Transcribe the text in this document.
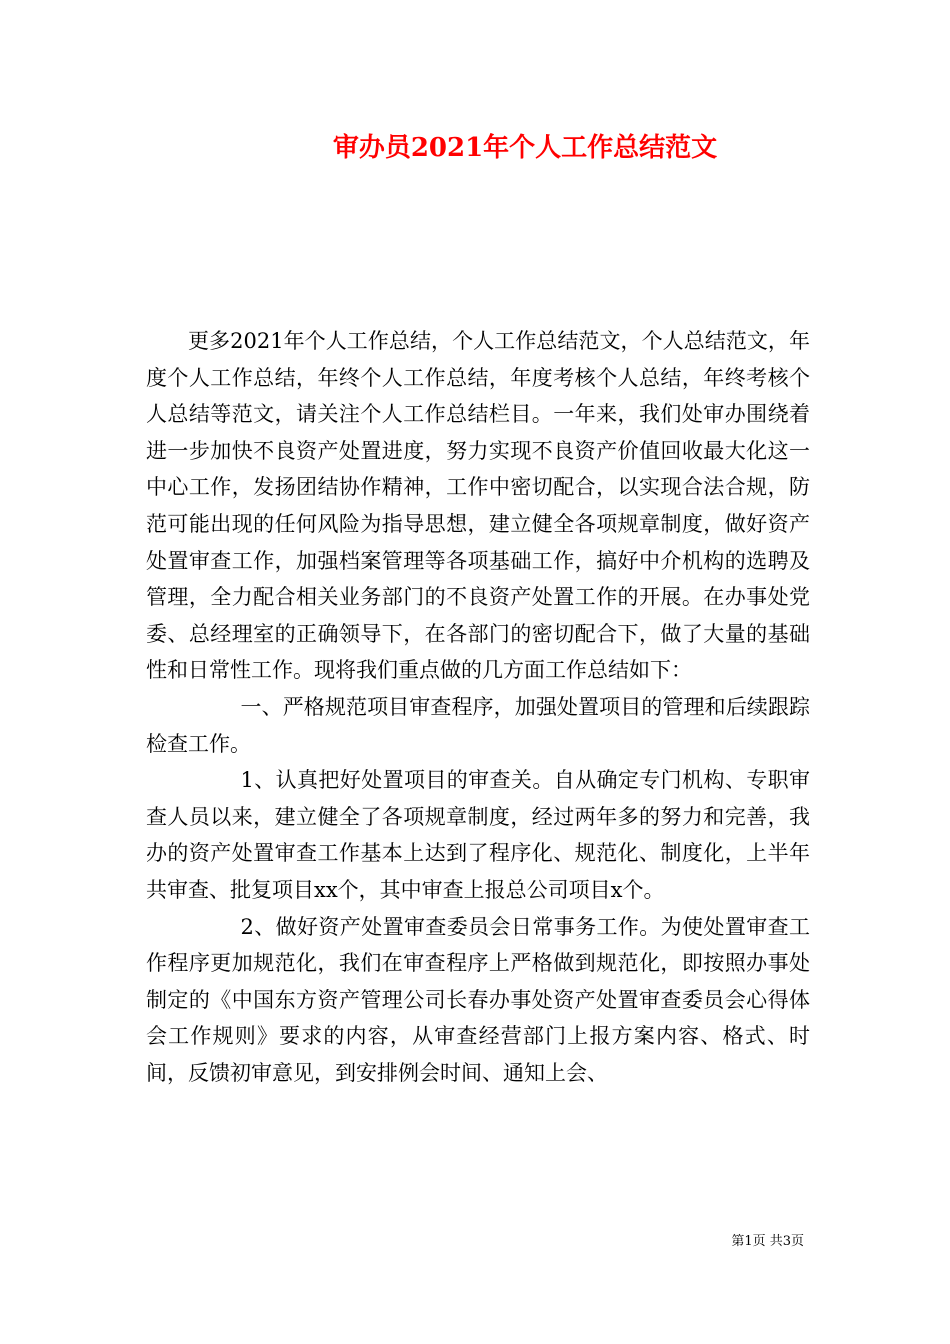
审办员2021年个人工作总结范文

更多2021年个人工作总结，个人工作总结范文，个人总结范文，年度个人工作总结，年终个人工作总结，年度考核个人总结，年终考核个人总结等范文，请关注个人工作总结栏目。一年来，我们处审办围绕着进一步加快不良资产处置进度，努力实现不良资产价值回收最大化这一中心工作，发扬团结协作精神，工作中密切配合，以实现合法合规，防范可能出现的任何风险为指导思想，建立健全各项规章制度，做好资产处置审查工作，加强档案管理等各项基础工作，搞好中介机构的选聘及管理，全力配合相关业务部门的不良资产处置工作的开展。在办事处党委、总经理室的正确领导下，在各部门的密切配合下，做了大量的基础性和日常性工作。现将我们重点做的几方面工作总结如下：

一、严格规范项目审查程序，加强处置项目的管理和后续跟踪检查工作。

1、认真把好处置项目的审查关。自从确定专门机构、专职审查人员以来，建立健全了各项规章制度，经过两年多的努力和完善，我办的资产处置审查工作基本上达到了程序化、规范化、制度化，上半年共审查、批复项目xx个，其中审查上报总公司项目x个。

2、做好资产处置审查委员会日常事务工作。为使处置审查工作程序更加规范化，我们在审查程序上严格做到规范化，即按照办事处制定的《中国东方资产管理公司长春办事处资产处置审查委员会心得体会工作规则》要求的内容，从审查经营部门上报方案内容、格式、时间，反馈初审意见，到安排例会时间、通知上会、

第1页 共3页
